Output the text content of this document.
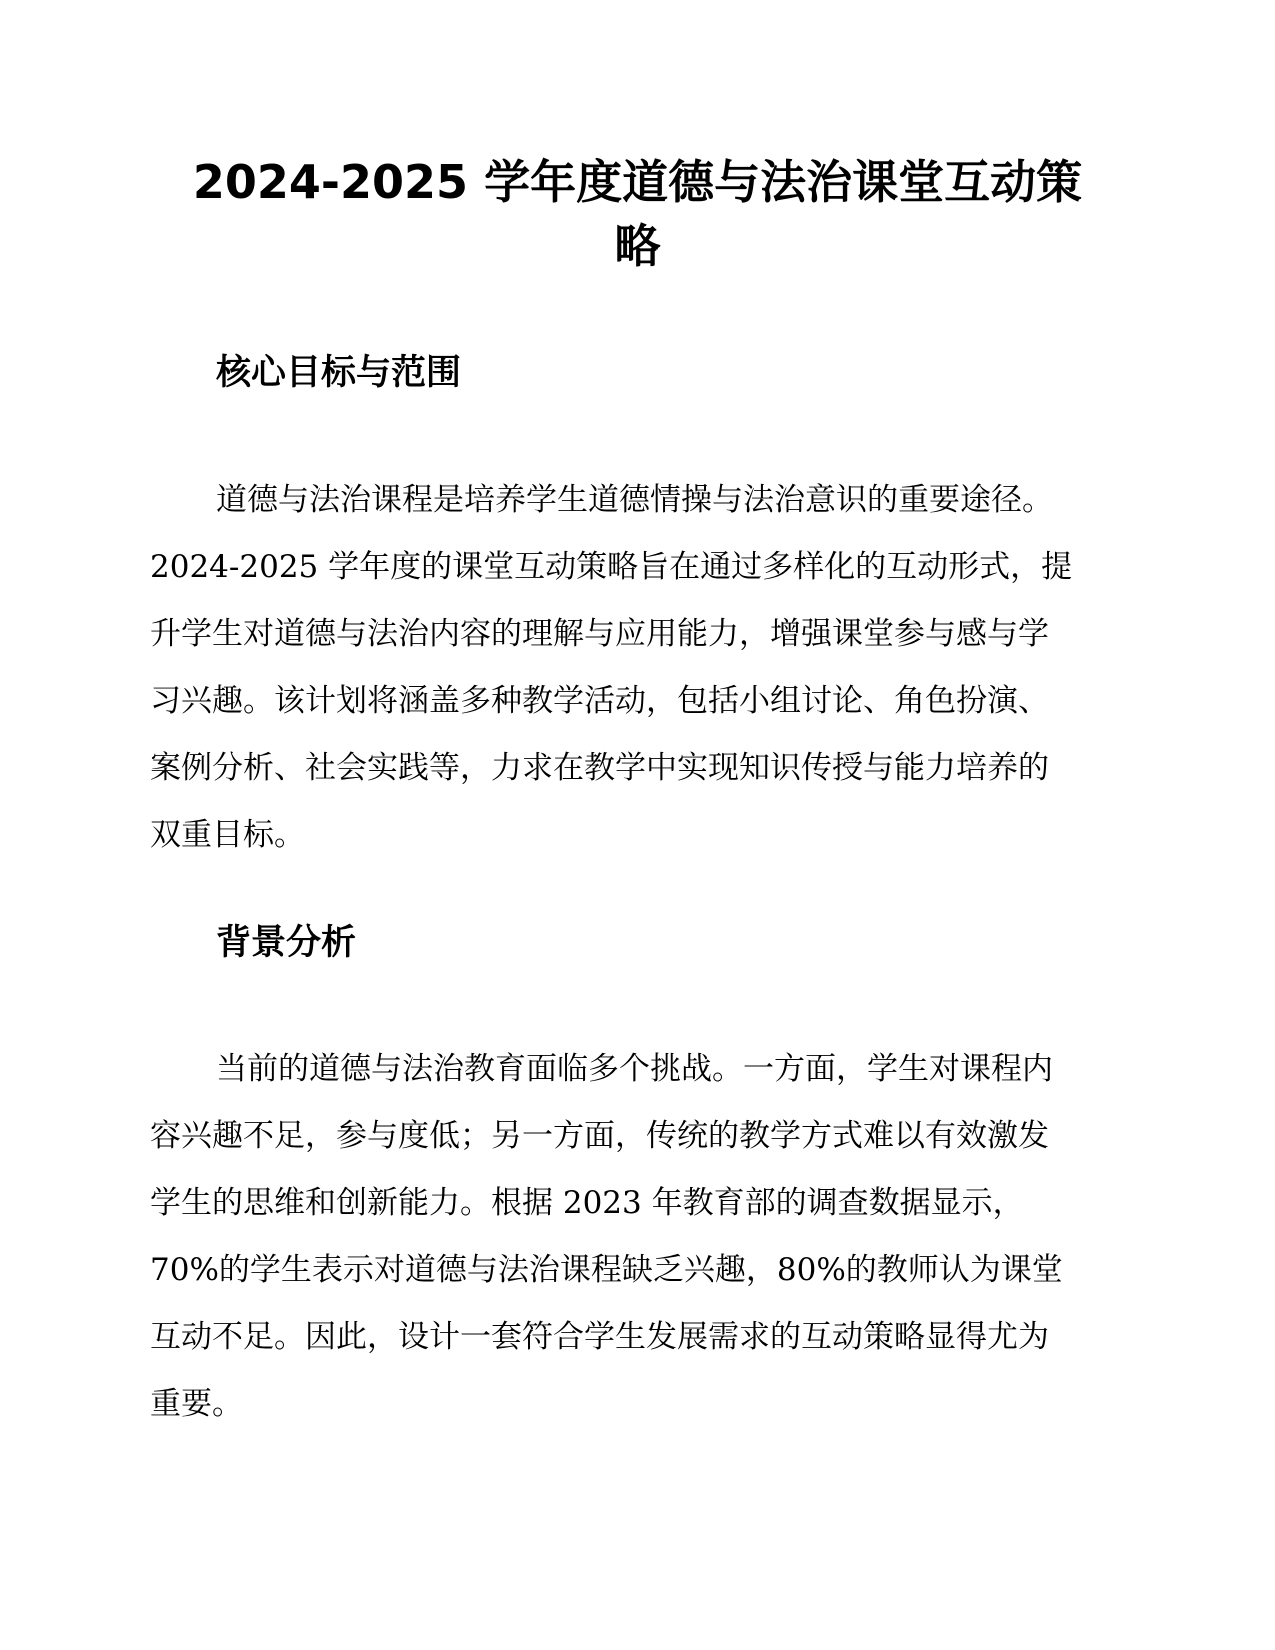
2024-2025 学年度道德与法治课堂互动策
略
核心目标与范围
道德与法治课程是培养学生道德情操与法治意识的重要途径。
2024-2025 学年度的课堂互动策略旨在通过多样化的互动形式，提
升学生对道德与法治内容的理解与应用能力，增强课堂参与感与学
习兴趣。该计划将涵盖多种教学活动，包括小组讨论、角色扮演、
案例分析、社会实践等，力求在教学中实现知识传授与能力培养的
双重目标。
背景分析
当前的道德与法治教育面临多个挑战。一方面，学生对课程内
容兴趣不足，参与度低；另一方面，传统的教学方式难以有效激发
学生的思维和创新能力。根据 2023 年教育部的调查数据显示，
70%的学生表示对道德与法治课程缺乏兴趣，80%的教师认为课堂
互动不足。因此，设计一套符合学生发展需求的互动策略显得尤为
重要。
